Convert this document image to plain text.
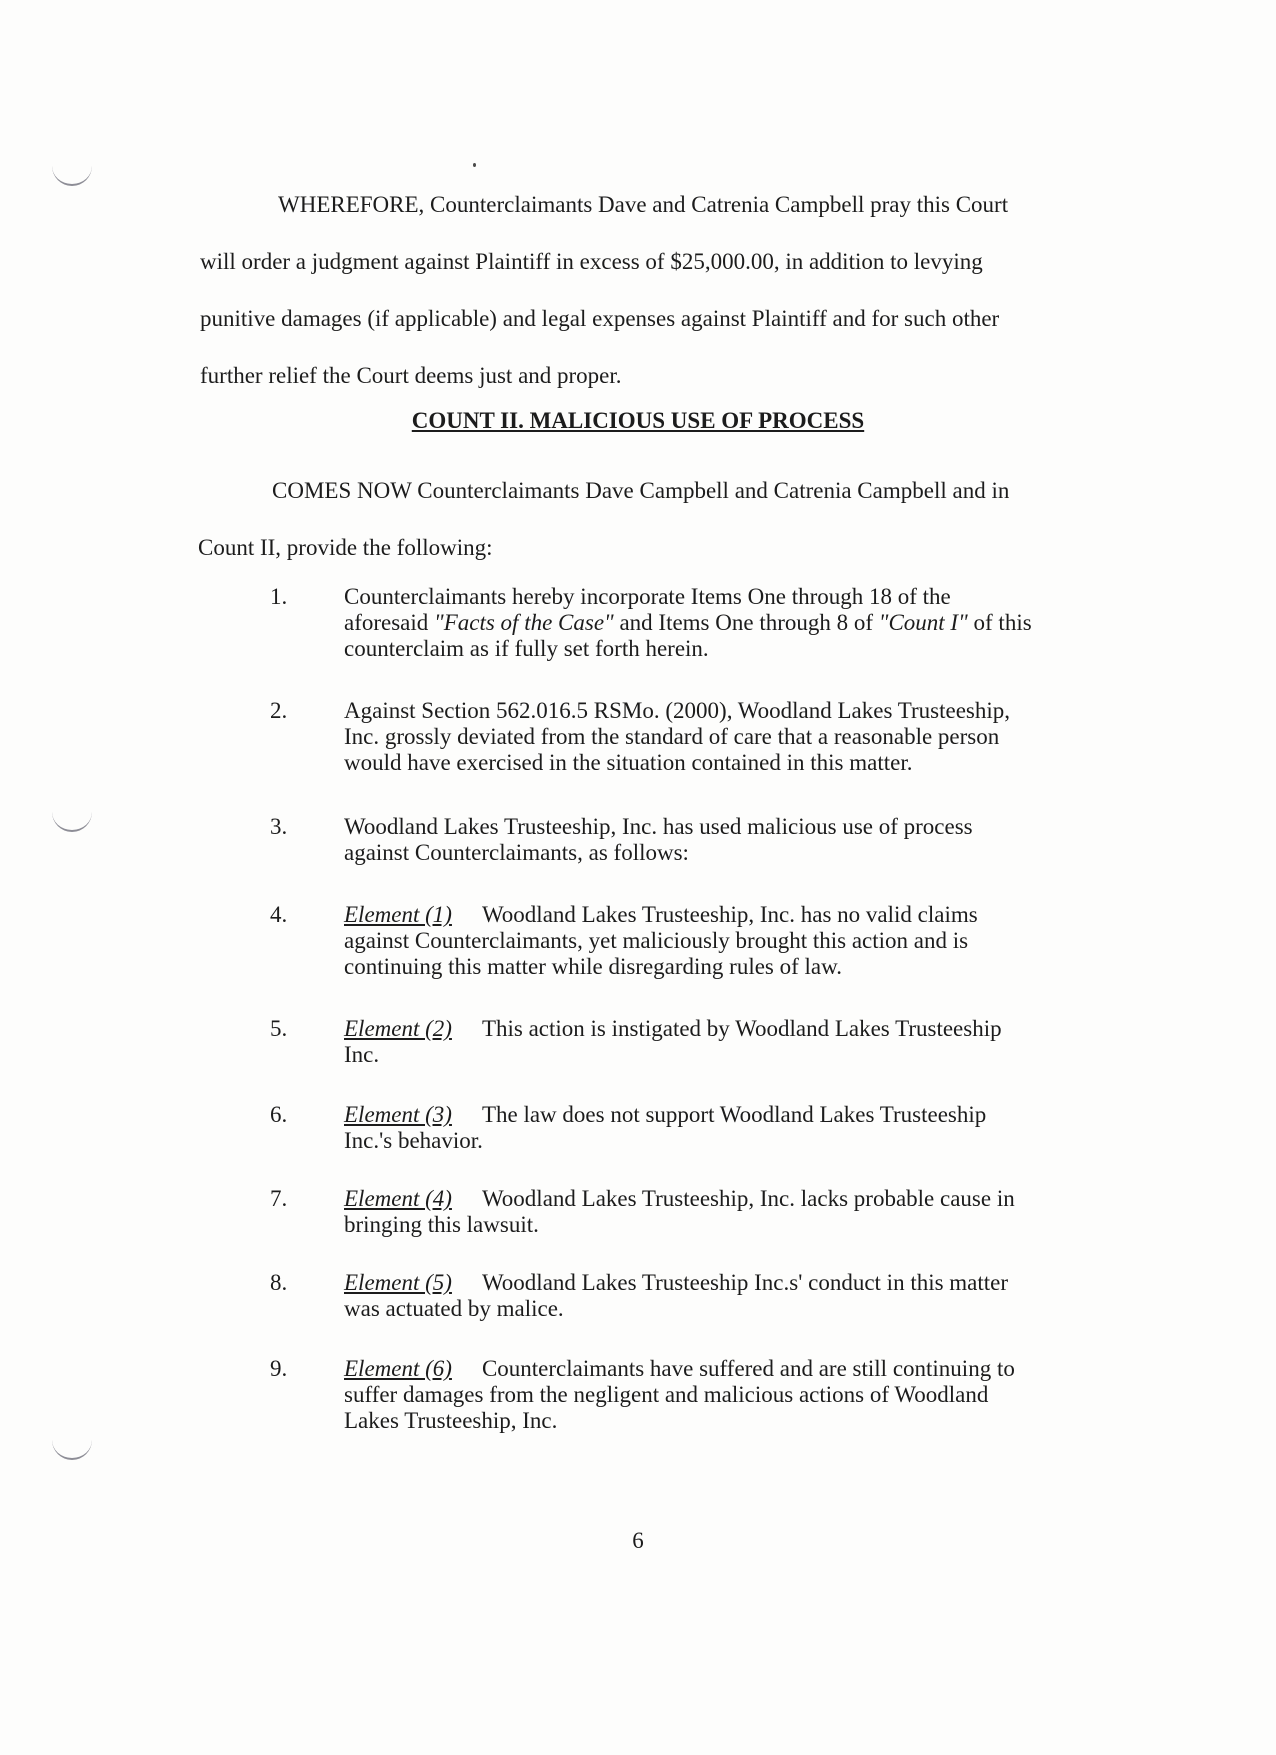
WHEREFORE, Counterclaimants Dave and Catrenia Campbell pray this Court
will order a judgment against Plaintiff in excess of $25,000.00, in addition to levying
punitive damages (if applicable) and legal expenses against Plaintiff and for such other
further relief the Court deems just and proper.
COUNT II. MALICIOUS USE OF PROCESS
COMES NOW Counterclaimants Dave Campbell and Catrenia Campbell and in
Count II, provide the following:
1. Counterclaimants hereby incorporate Items One through 18 of the
aforesaid "Facts of the Case" and Items One through 8 of "Count I" of this
counterclaim as if fully set forth herein.
2. Against Section 562.016.5 RSMo. (2000), Woodland Lakes Trusteeship,
Inc. grossly deviated from the standard of care that a reasonable person
would have exercised in the situation contained in this matter.
3. Woodland Lakes Trusteeship, Inc. has used malicious use of process
against Counterclaimants, as follows:
4. Element (1) Woodland Lakes Trusteeship, Inc. has no valid claims
against Counterclaimants, yet maliciously brought this action and is
continuing this matter while disregarding rules of law.
5. Element (2) This action is instigated by Woodland Lakes Trusteeship
Inc.
6. Element (3) The law does not support Woodland Lakes Trusteeship
Inc.'s behavior.
7. Element (4) Woodland Lakes Trusteeship, Inc. lacks probable cause in
bringing this lawsuit.
8. Element (5) Woodland Lakes Trusteeship Inc.s' conduct in this matter
was actuated by malice.
9. Element (6) Counterclaimants have suffered and are still continuing to
suffer damages from the negligent and malicious actions of Woodland
Lakes Trusteeship, Inc.
6
